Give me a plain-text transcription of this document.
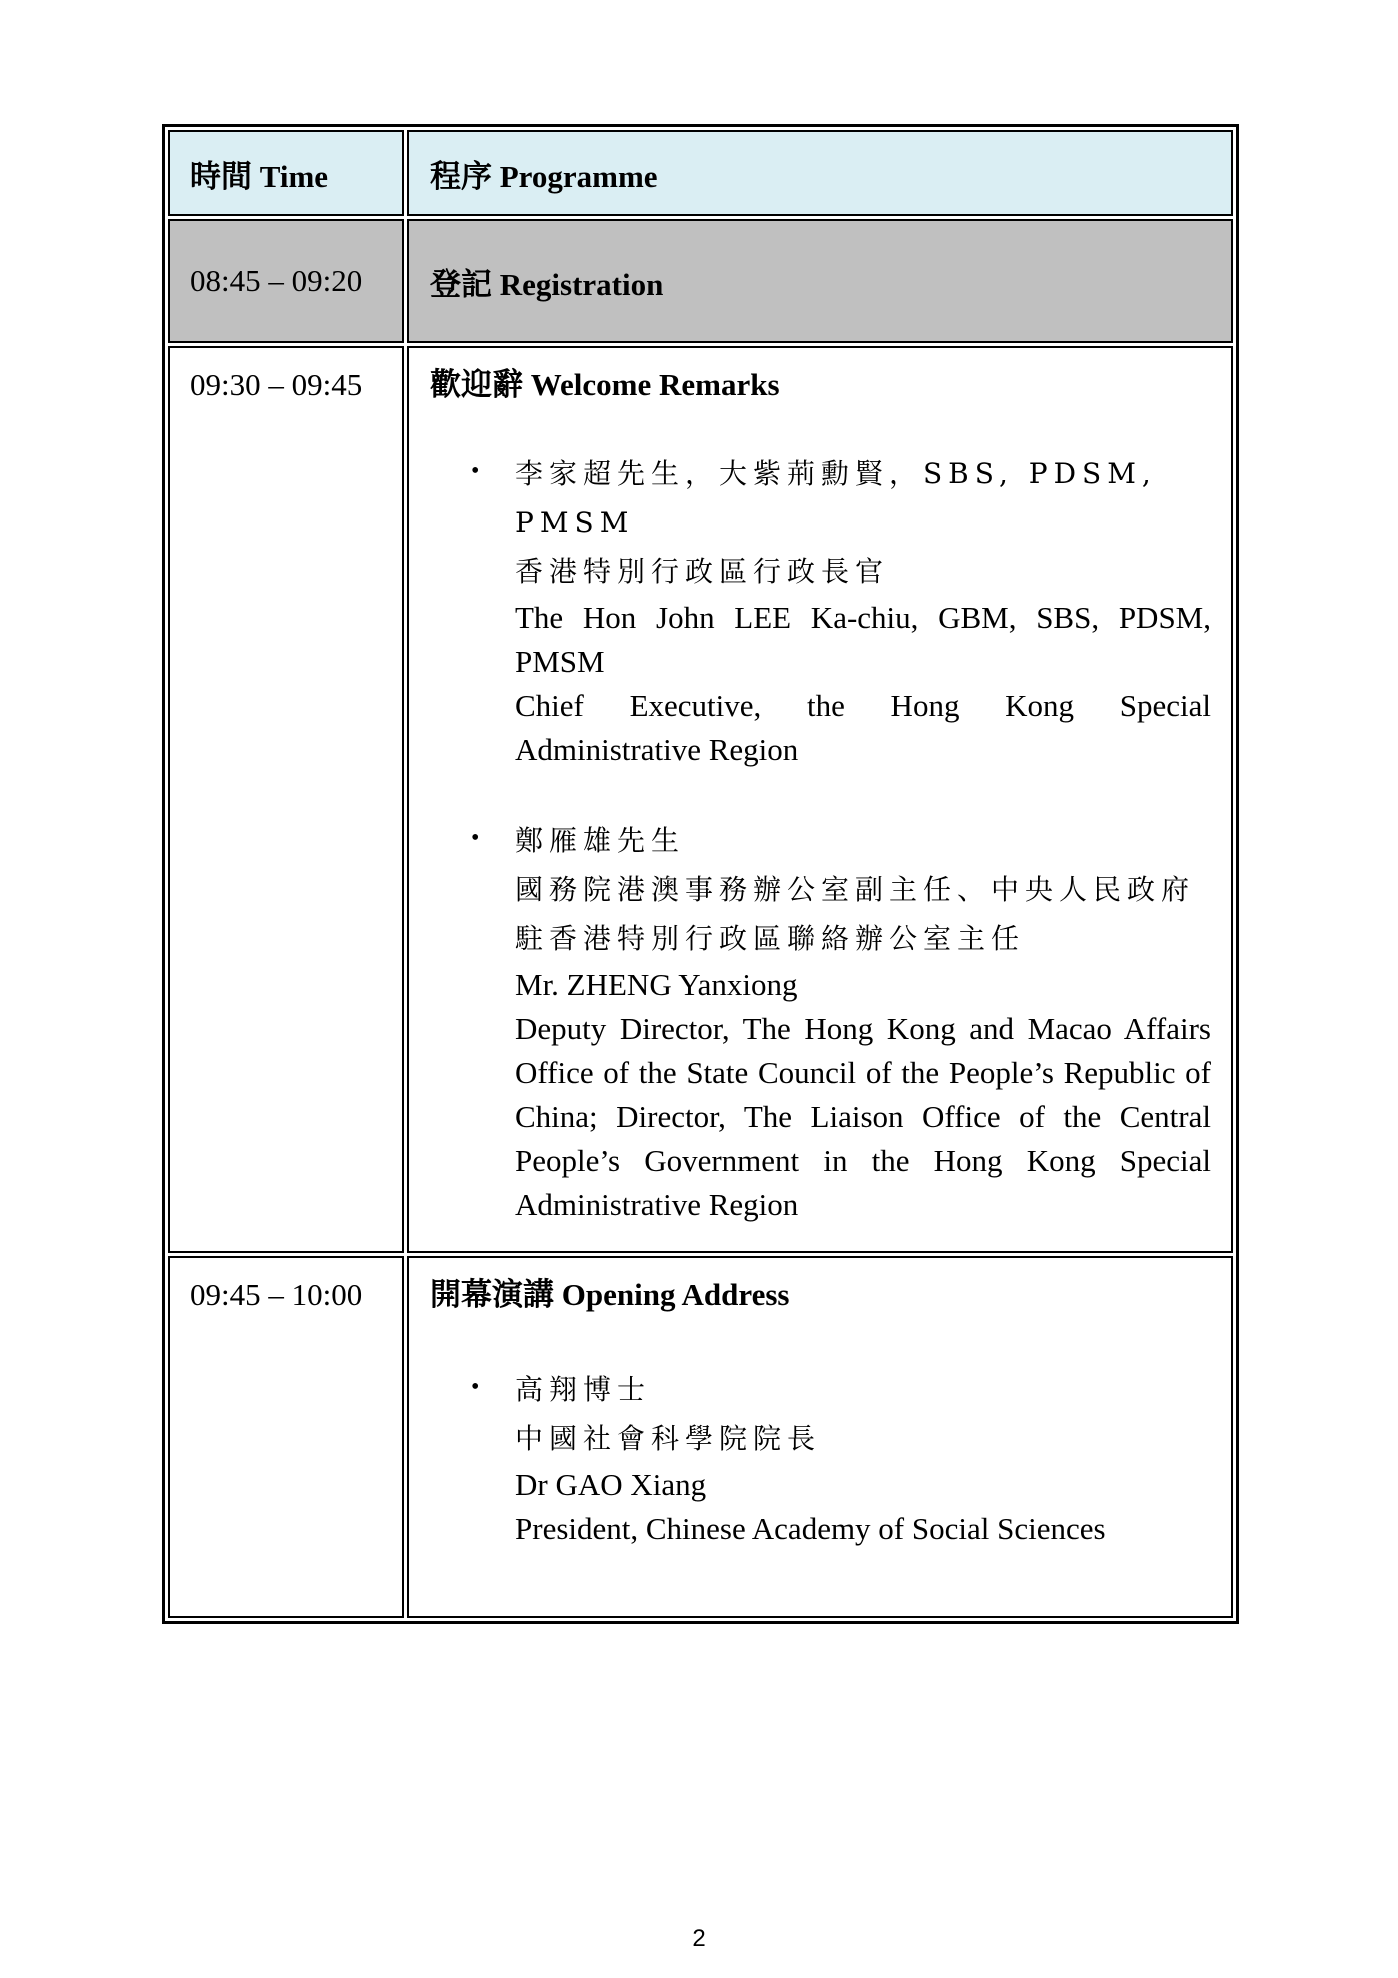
時間 Time	程序 Programme
08:45 – 09:20	登記 Registration
09:30 – 09:45	歡迎辭 Welcome Remarks
• 李家超先生，大紫荊勳賢，SBS, PDSM, PMSM
香港特別行政區行政長官
The Hon John LEE Ka-chiu, GBM, SBS, PDSM, PMSM
Chief Executive, the Hong Kong Special Administrative Region
• 鄭雁雄先生
國務院港澳事務辦公室副主任、中央人民政府駐香港特別行政區聯絡辦公室主任
Mr. ZHENG Yanxiong
Deputy Director, The Hong Kong and Macao Affairs Office of the State Council of the People’s Republic of China; Director, The Liaison Office of the Central People’s Government in the Hong Kong Special Administrative Region
09:45 – 10:00	開幕演講 Opening Address
• 高翔博士
中國社會科學院院長
Dr GAO Xiang
President, Chinese Academy of Social Sciences
2
